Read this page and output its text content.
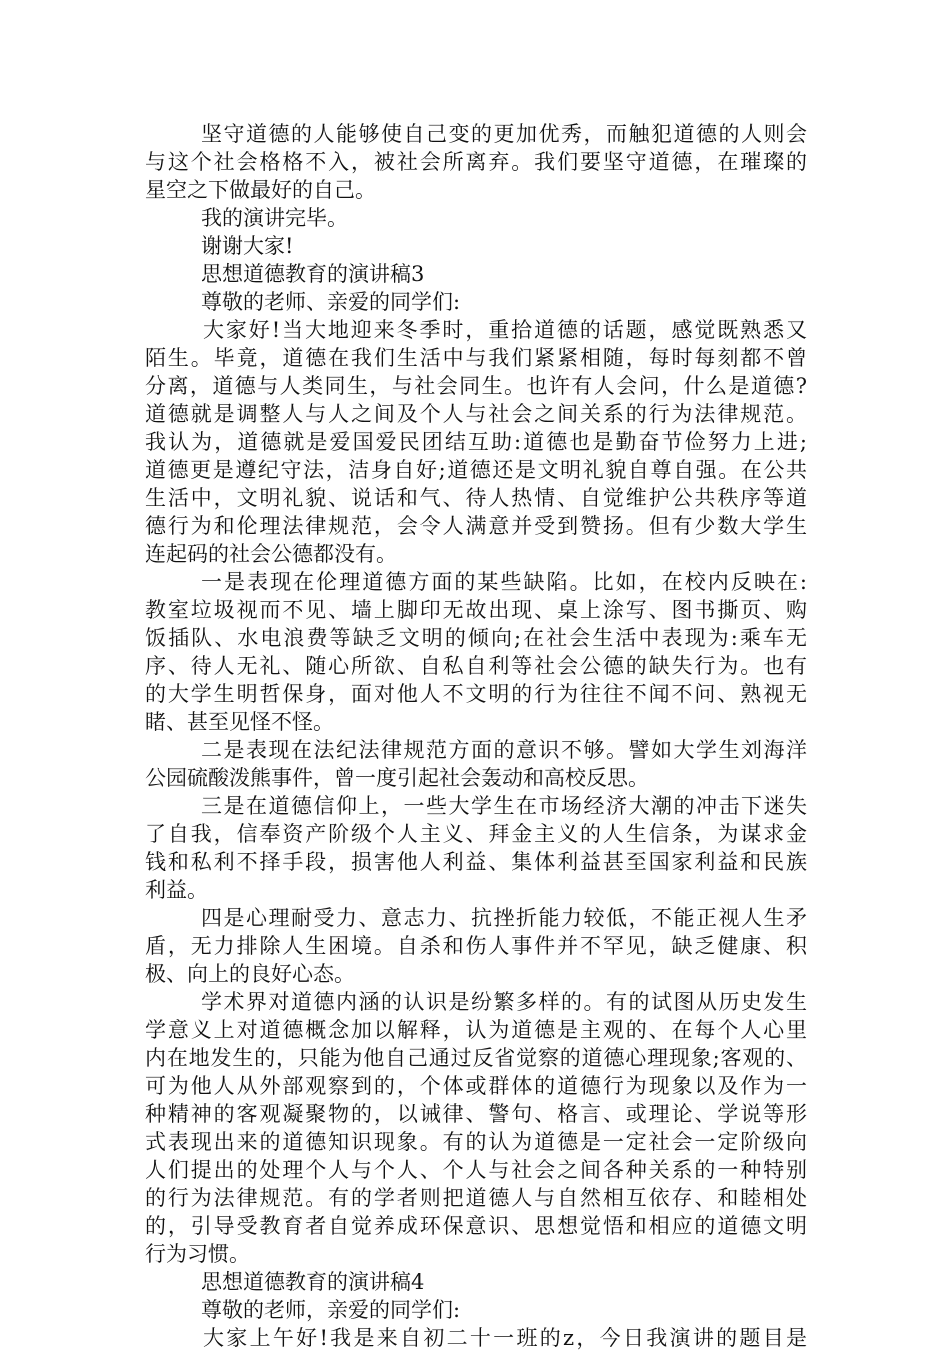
坚守道德的人能够使自己变的更加优秀，而触犯道德的人则会
与这个社会格格不入，被社会所离弃。我们要坚守道德，在璀璨的
星空之下做最好的自己。
我的演讲完毕。
谢谢大家!
思想道德教育的演讲稿3
尊敬的老师、亲爱的同学们:
大家好!当大地迎来冬季时，重拾道德的话题，感觉既熟悉又
陌生。毕竟，道德在我们生活中与我们紧紧相随，每时每刻都不曾
分离，道德与人类同生，与社会同生。也许有人会问，什么是道德?
道德就是调整人与人之间及个人与社会之间关系的行为法律规范。
我认为，道德就是爱国爱民团结互助:道德也是勤奋节俭努力上进;
道德更是遵纪守法，洁身自好;道德还是文明礼貌自尊自强。在公共
生活中，文明礼貌、说话和气、待人热情、自觉维护公共秩序等道
德行为和伦理法律规范，会令人满意并受到赞扬。但有少数大学生
连起码的社会公德都没有。
一是表现在伦理道德方面的某些缺陷。比如，在校内反映在:
教室垃圾视而不见、墙上脚印无故出现、桌上涂写、图书撕页、购
饭插队、水电浪费等缺乏文明的倾向;在社会生活中表现为:乘车无
序、待人无礼、随心所欲、自私自利等社会公德的缺失行为。也有
的大学生明哲保身，面对他人不文明的行为往往不闻不问、熟视无
睹、甚至见怪不怪。
二是表现在法纪法律规范方面的意识不够。譬如大学生刘海洋
公园硫酸泼熊事件，曾一度引起社会轰动和高校反思。
三是在道德信仰上，一些大学生在市场经济大潮的冲击下迷失
了自我，信奉资产阶级个人主义、拜金主义的人生信条，为谋求金
钱和私利不择手段，损害他人利益、集体利益甚至国家利益和民族
利益。
四是心理耐受力、意志力、抗挫折能力较低，不能正视人生矛
盾，无力排除人生困境。自杀和伤人事件并不罕见，缺乏健康、积
极、向上的良好心态。
学术界对道德内涵的认识是纷繁多样的。有的试图从历史发生
学意义上对道德概念加以解释，认为道德是主观的、在每个人心里
内在地发生的，只能为他自己通过反省觉察的道德心理现象;客观的、
可为他人从外部观察到的，个体或群体的道德行为现象以及作为一
种精神的客观凝聚物的，以诫律、警句、格言、或理论、学说等形
式表现出来的道德知识现象。有的认为道德是一定社会一定阶级向
人们提出的处理个人与个人、个人与社会之间各种关系的一种特别
的行为法律规范。有的学者则把道德人与自然相互依存、和睦相处
的，引导受教育者自觉养成环保意识、思想觉悟和相应的道德文明
行为习惯。
思想道德教育的演讲稿4
尊敬的老师，亲爱的同学们:
大家上午好!我是来自初二十一班的z，今日我演讲的题目是
